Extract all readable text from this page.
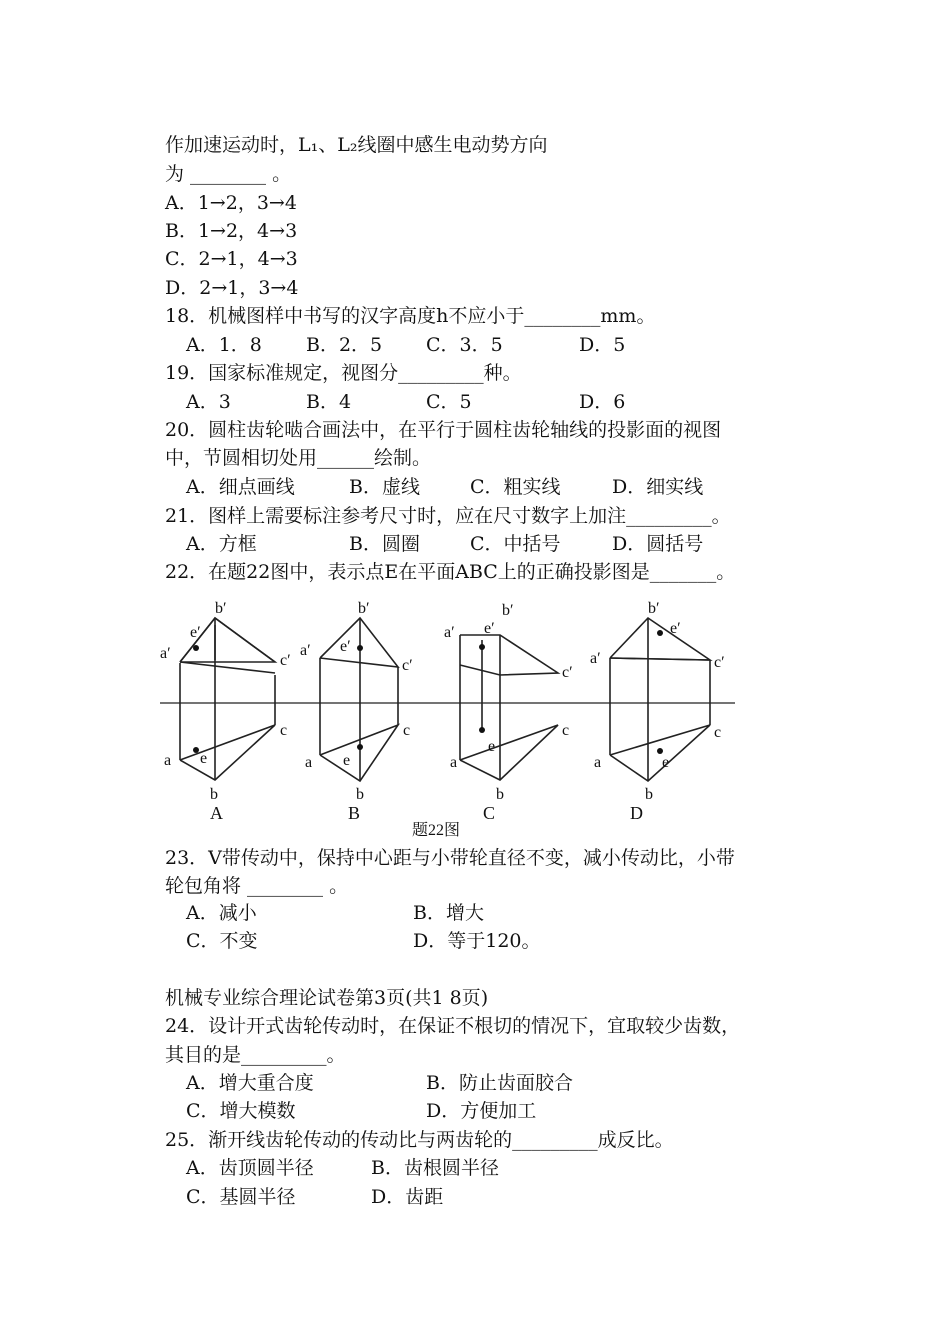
作加速运动时，L₁、L₂线圈中感生电动势方向
为 ________ 。
A．1→2，3→4
B．1→2，4→3
C．2→1，4→3
D．2→1，3→4
18．机械图样中书写的汉字高度h不应小于________mm。
A．1．8 B．2．5 C．3．5	D．5
19．国家标准规定，视图分_________种。
A．3	B．4	C．5	D．6
20．圆柱齿轮啮合画法中，在平行于圆柱齿轮轴线的投影面的视图
中，节圆相切处用______绘制。
A．细点画线	B．虚线	C．粗实线	D．细实线
21．图样上需要标注参考尺寸时，应在尺寸数字上加注_________。
A．方框	B．圆圈	C．中括号	D．圆括号
22．在题22图中，表示点E在平面ABC上的正确投影图是_______。
a′
b′
c′
e′
a
b
c
e
a′
b′
c′
e′
a
b
c
e
a′ e′
b′
c′
a
b
c
e
a′
b′
c′
e′
a
b
c
e
A	B	C	D
题22图
23．V带传动中，保持中心距与小带轮直径不变，减小传动比，小带
轮包角将 ________ 。
A．减小	B．增大
C．不变	D．等于120。
机械专业综合理论试卷第3页(共1 8页)
24．设计开式齿轮传动时，在保证不根切的情况下，宜取较少齿数，
其目的是_________。
A．增大重合度	B．防止齿面胶合
C．增大模数	D．方便加工
25．渐开线齿轮传动的传动比与两齿轮的_________成反比。
A．齿顶圆半径	B．齿根圆半径
C．基圆半径	D．齿距
